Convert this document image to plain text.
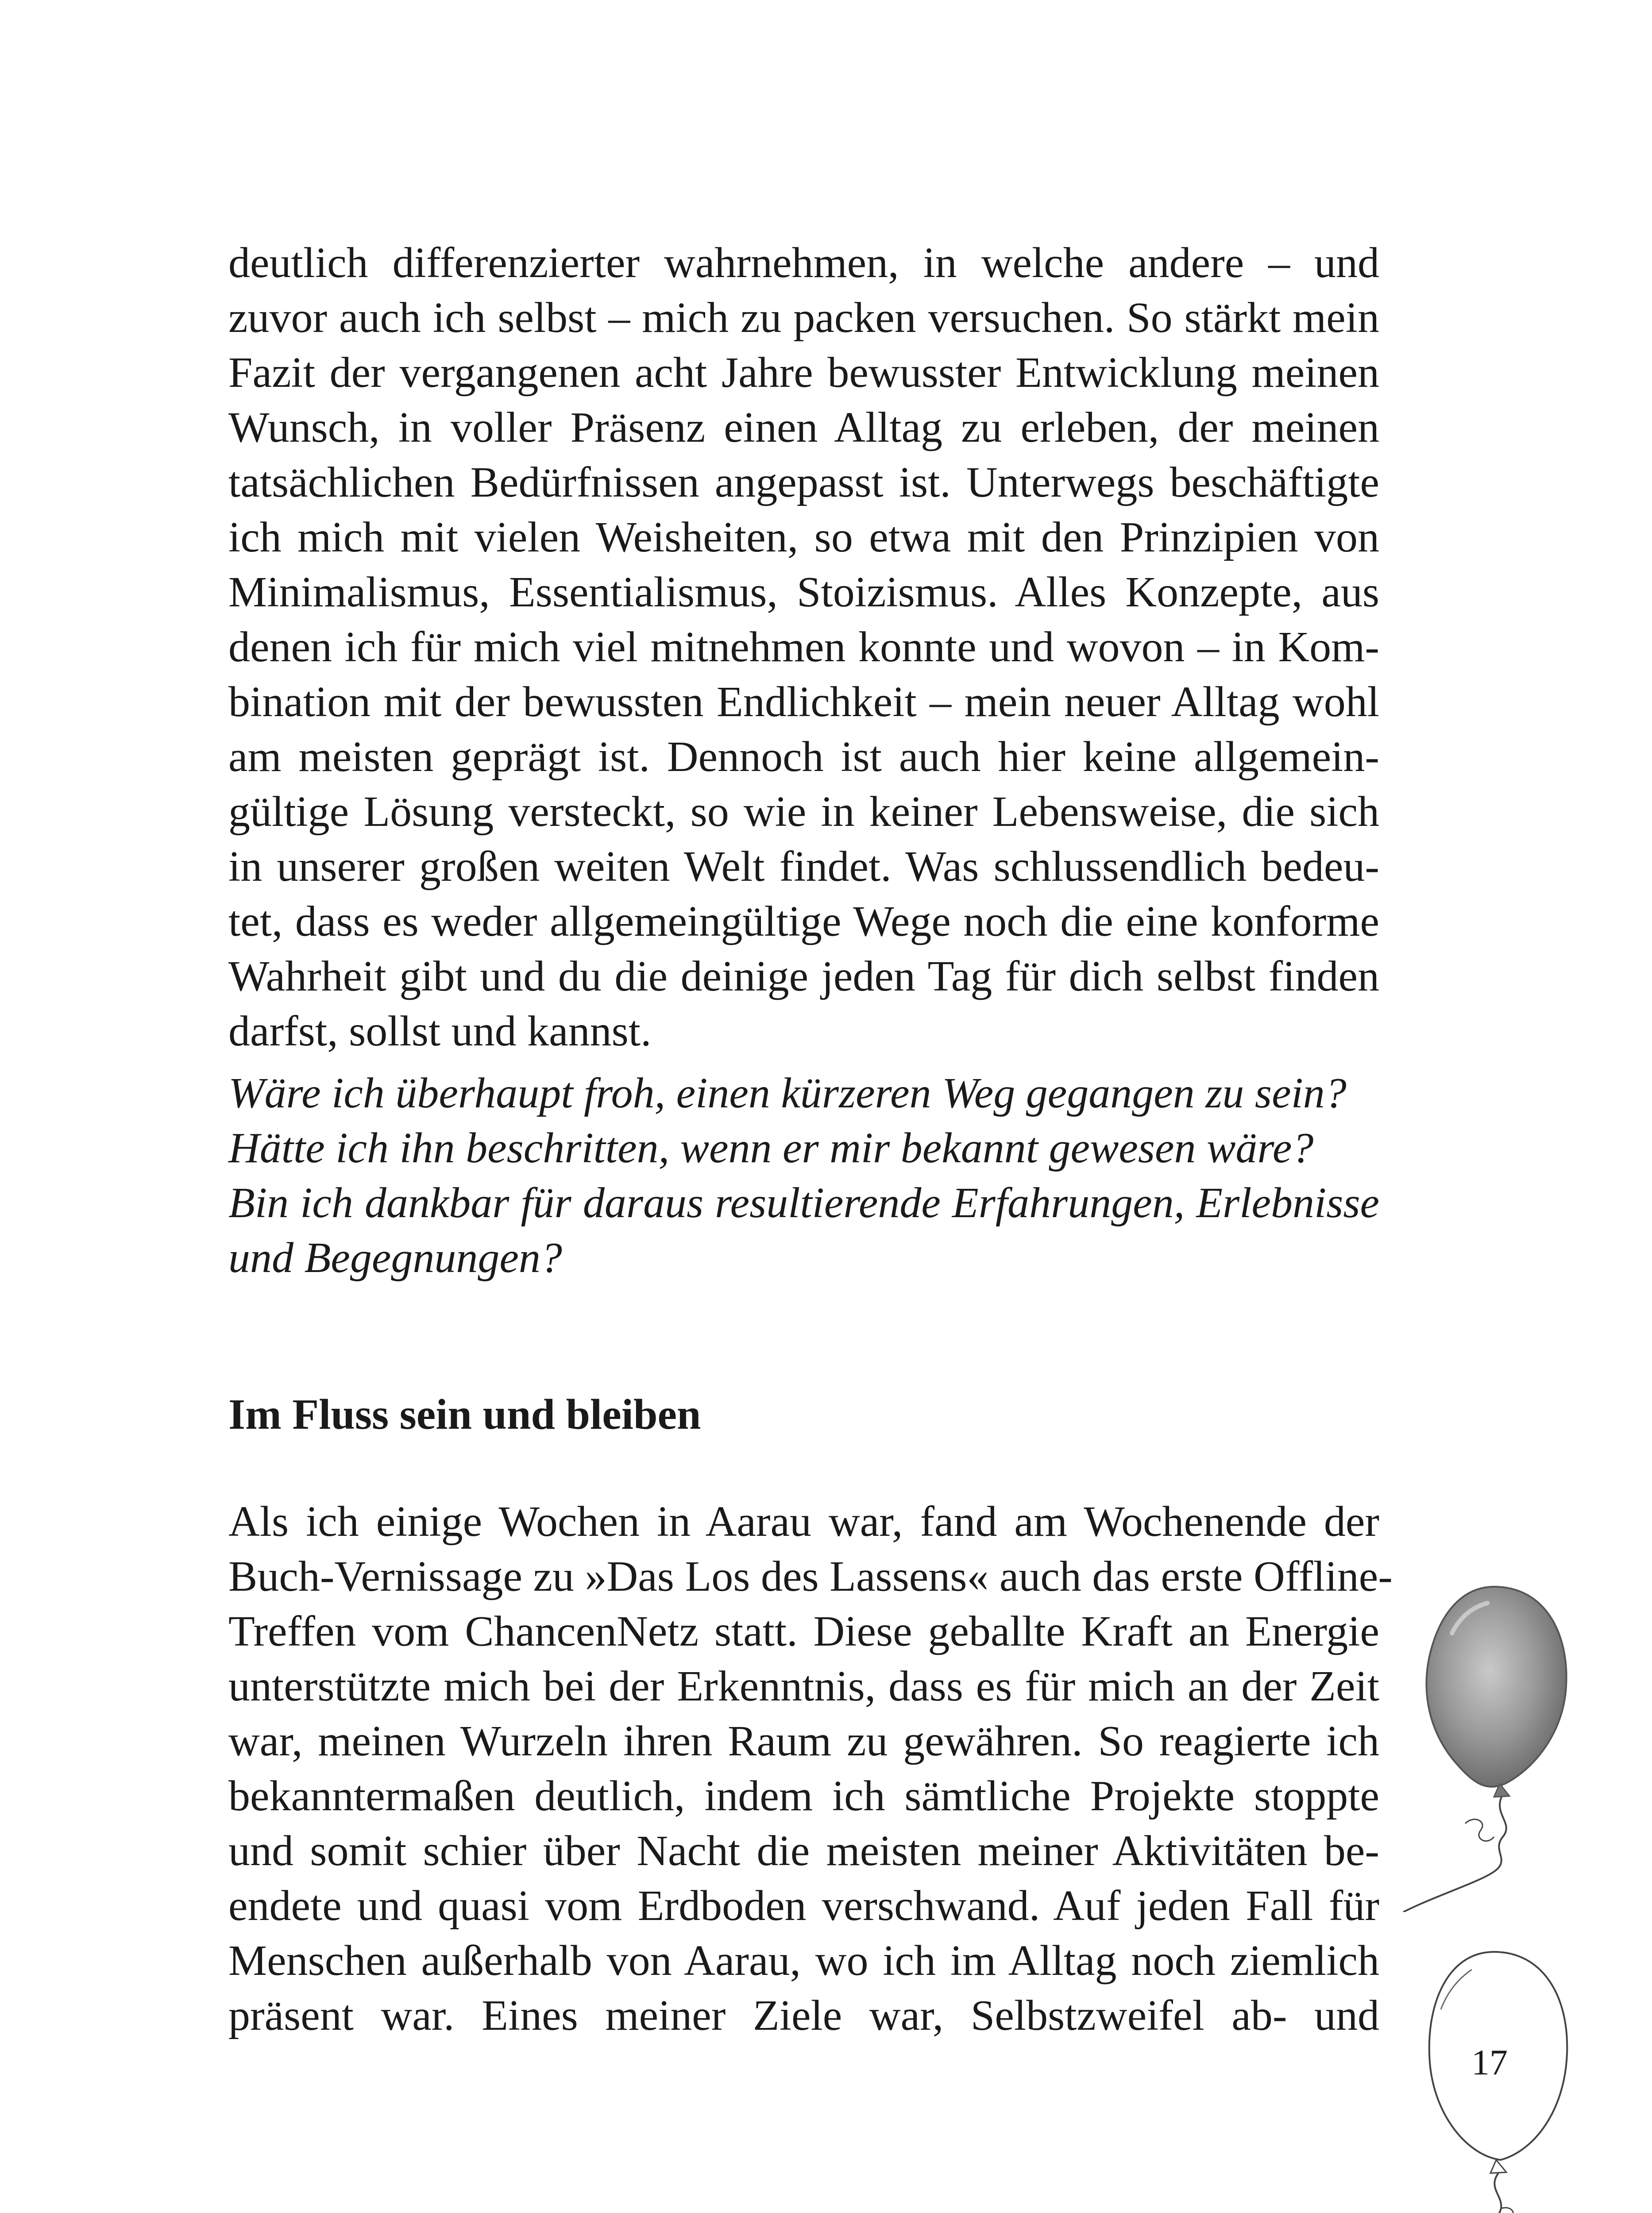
deutlich differenzierter wahrnehmen, in welche andere – und
zuvor auch ich selbst – mich zu packen versuchen. So stärkt mein
Fazit der vergangenen acht Jahre bewusster Entwicklung meinen
Wunsch, in voller Präsenz einen Alltag zu erleben, der meinen
tatsächlichen Bedürfnissen angepasst ist. Unterwegs beschäftigte
ich mich mit vielen Weisheiten, so etwa mit den Prinzipien von
Minimalismus, Essentialismus, Stoizismus. Alles Konzepte, aus
denen ich für mich viel mitnehmen konnte und wovon – in Kom-
bination mit der bewussten Endlichkeit – mein neuer Alltag wohl
am meisten geprägt ist. Dennoch ist auch hier keine allgemein-
gültige Lösung versteckt, so wie in keiner Lebensweise, die sich
in unserer großen weiten Welt findet. Was schlussendlich bedeu-
tet, dass es weder allgemeingültige Wege noch die eine konforme
Wahrheit gibt und du die deinige jeden Tag für dich selbst finden
darfst, sollst und kannst.
Wäre ich überhaupt froh, einen kürzeren Weg gegangen zu sein?
Hätte ich ihn beschritten, wenn er mir bekannt gewesen wäre?
Bin ich dankbar für daraus resultierende Erfahrungen, Erlebnisse
und Begegnungen?
Im Fluss sein und bleiben
Als ich einige Wochen in Aarau war, fand am Wochenende der
Buch-Vernissage zu »Das Los des Lassens« auch das erste Offline-
Treffen vom ChancenNetz statt. Diese geballte Kraft an Energie
unterstützte mich bei der Erkenntnis, dass es für mich an der Zeit
war, meinen Wurzeln ihren Raum zu gewähren. So reagierte ich
bekanntermaßen deutlich, indem ich sämtliche Projekte stoppte
und somit schier über Nacht die meisten meiner Aktivitäten be-
endete und quasi vom Erdboden verschwand. Auf jeden Fall für
Menschen außerhalb von Aarau, wo ich im Alltag noch ziemlich
präsent war. Eines meiner Ziele war, Selbstzweifel ab- und
17
